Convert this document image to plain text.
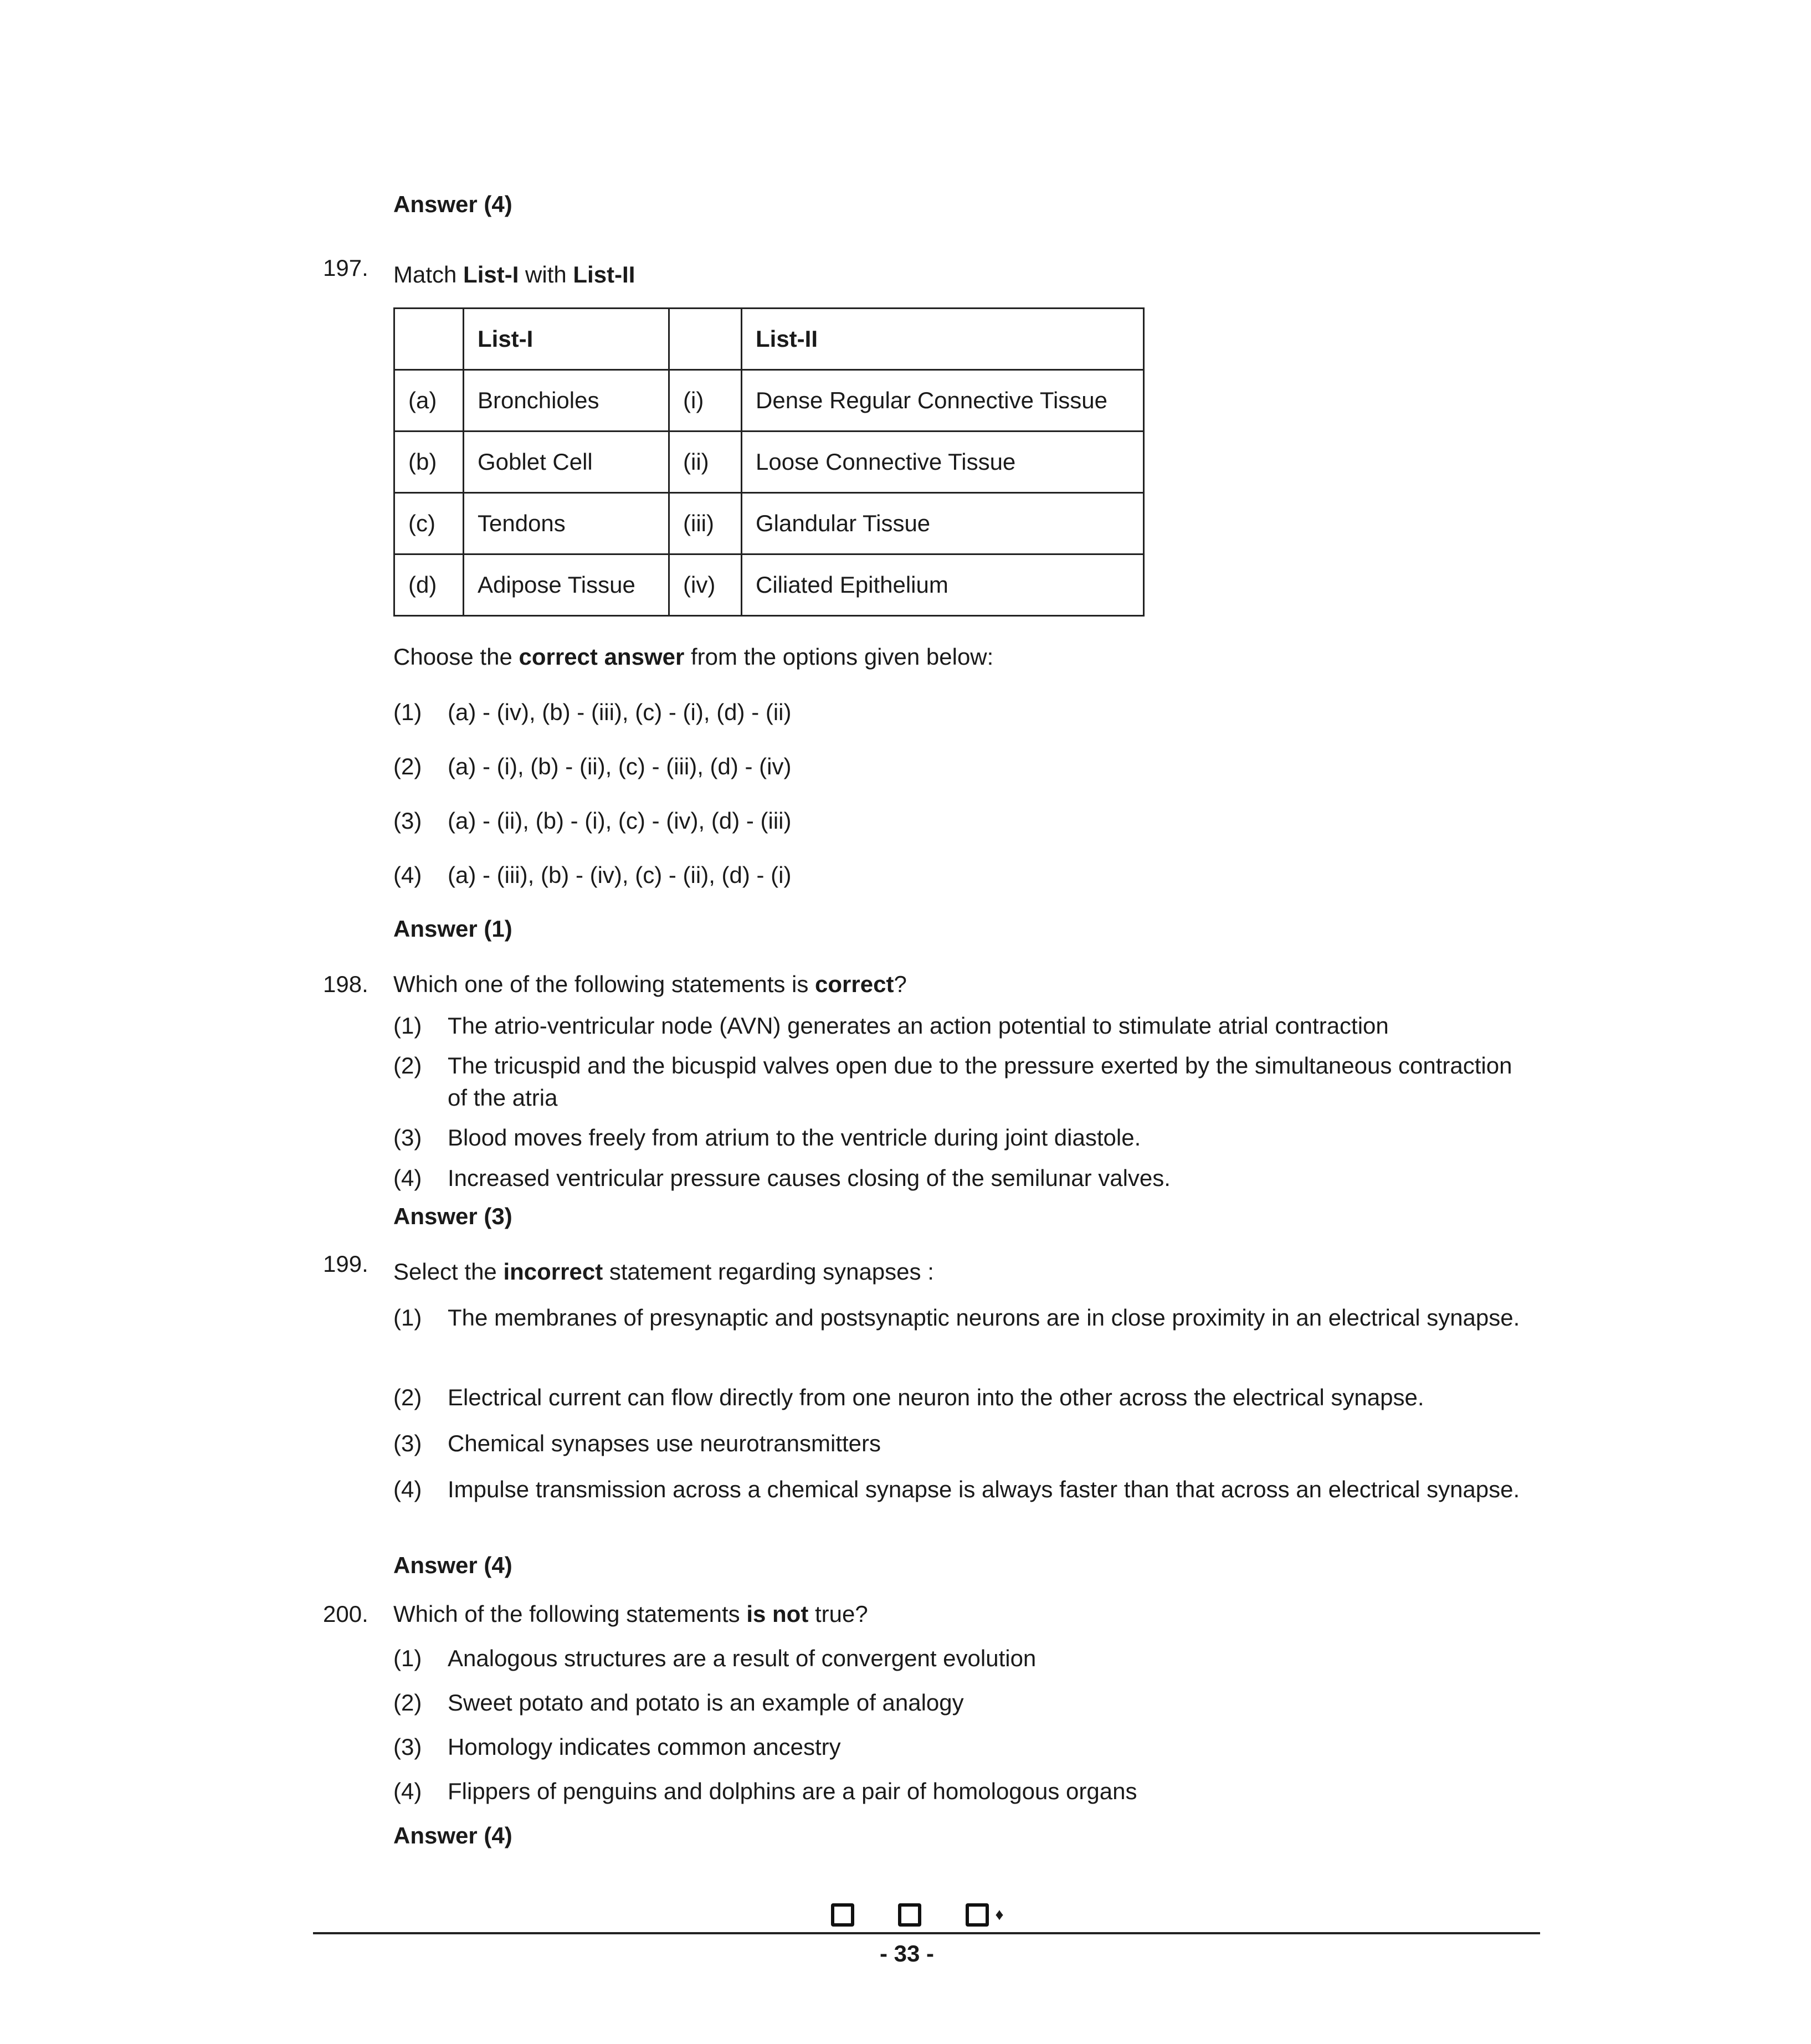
Answer (4)
197. Match List-I with List-II
	List-I		List-II
(a)	Bronchioles	(i)	Dense Regular Connective Tissue
(b)	Goblet Cell	(ii)	Loose Connective Tissue
(c)	Tendons	(iii)	Glandular Tissue
(d)	Adipose Tissue	(iv)	Ciliated Epithelium
Choose the correct answer from the options given below:
(1) (a) - (iv), (b) - (iii), (c) - (i), (d) - (ii)
(2) (a) - (i), (b) - (ii), (c) - (iii), (d) - (iv)
(3) (a) - (ii), (b) - (i), (c) - (iv), (d) - (iii)
(4) (a) - (iii), (b) - (iv), (c) - (ii), (d) - (i)
Answer (1)
198. Which one of the following statements is correct?
(1) The atrio-ventricular node (AVN) generates an action potential to stimulate atrial contraction
(2) The tricuspid and the bicuspid valves open due to the pressure exerted by the simultaneous contraction of the atria
(3) Blood moves freely from atrium to the ventricle during joint diastole.
(4) Increased ventricular pressure causes closing of the semilunar valves.
Answer (3)
199. Select the incorrect statement regarding synapses :
(1) The membranes of presynaptic and postsynaptic neurons are in close proximity in an electrical synapse.
(2) Electrical current can flow directly from one neuron into the other across the electrical synapse.
(3) Chemical synapses use neurotransmitters
(4) Impulse transmission across a chemical synapse is always faster than that across an electrical synapse.
Answer (4)
200. Which of the following statements is not true?
(1) Analogous structures are a result of convergent evolution
(2) Sweet potato and potato is an example of analogy
(3) Homology indicates common ancestry
(4) Flippers of penguins and dolphins are a pair of homologous organs
Answer (4)
♦
- 33 -
